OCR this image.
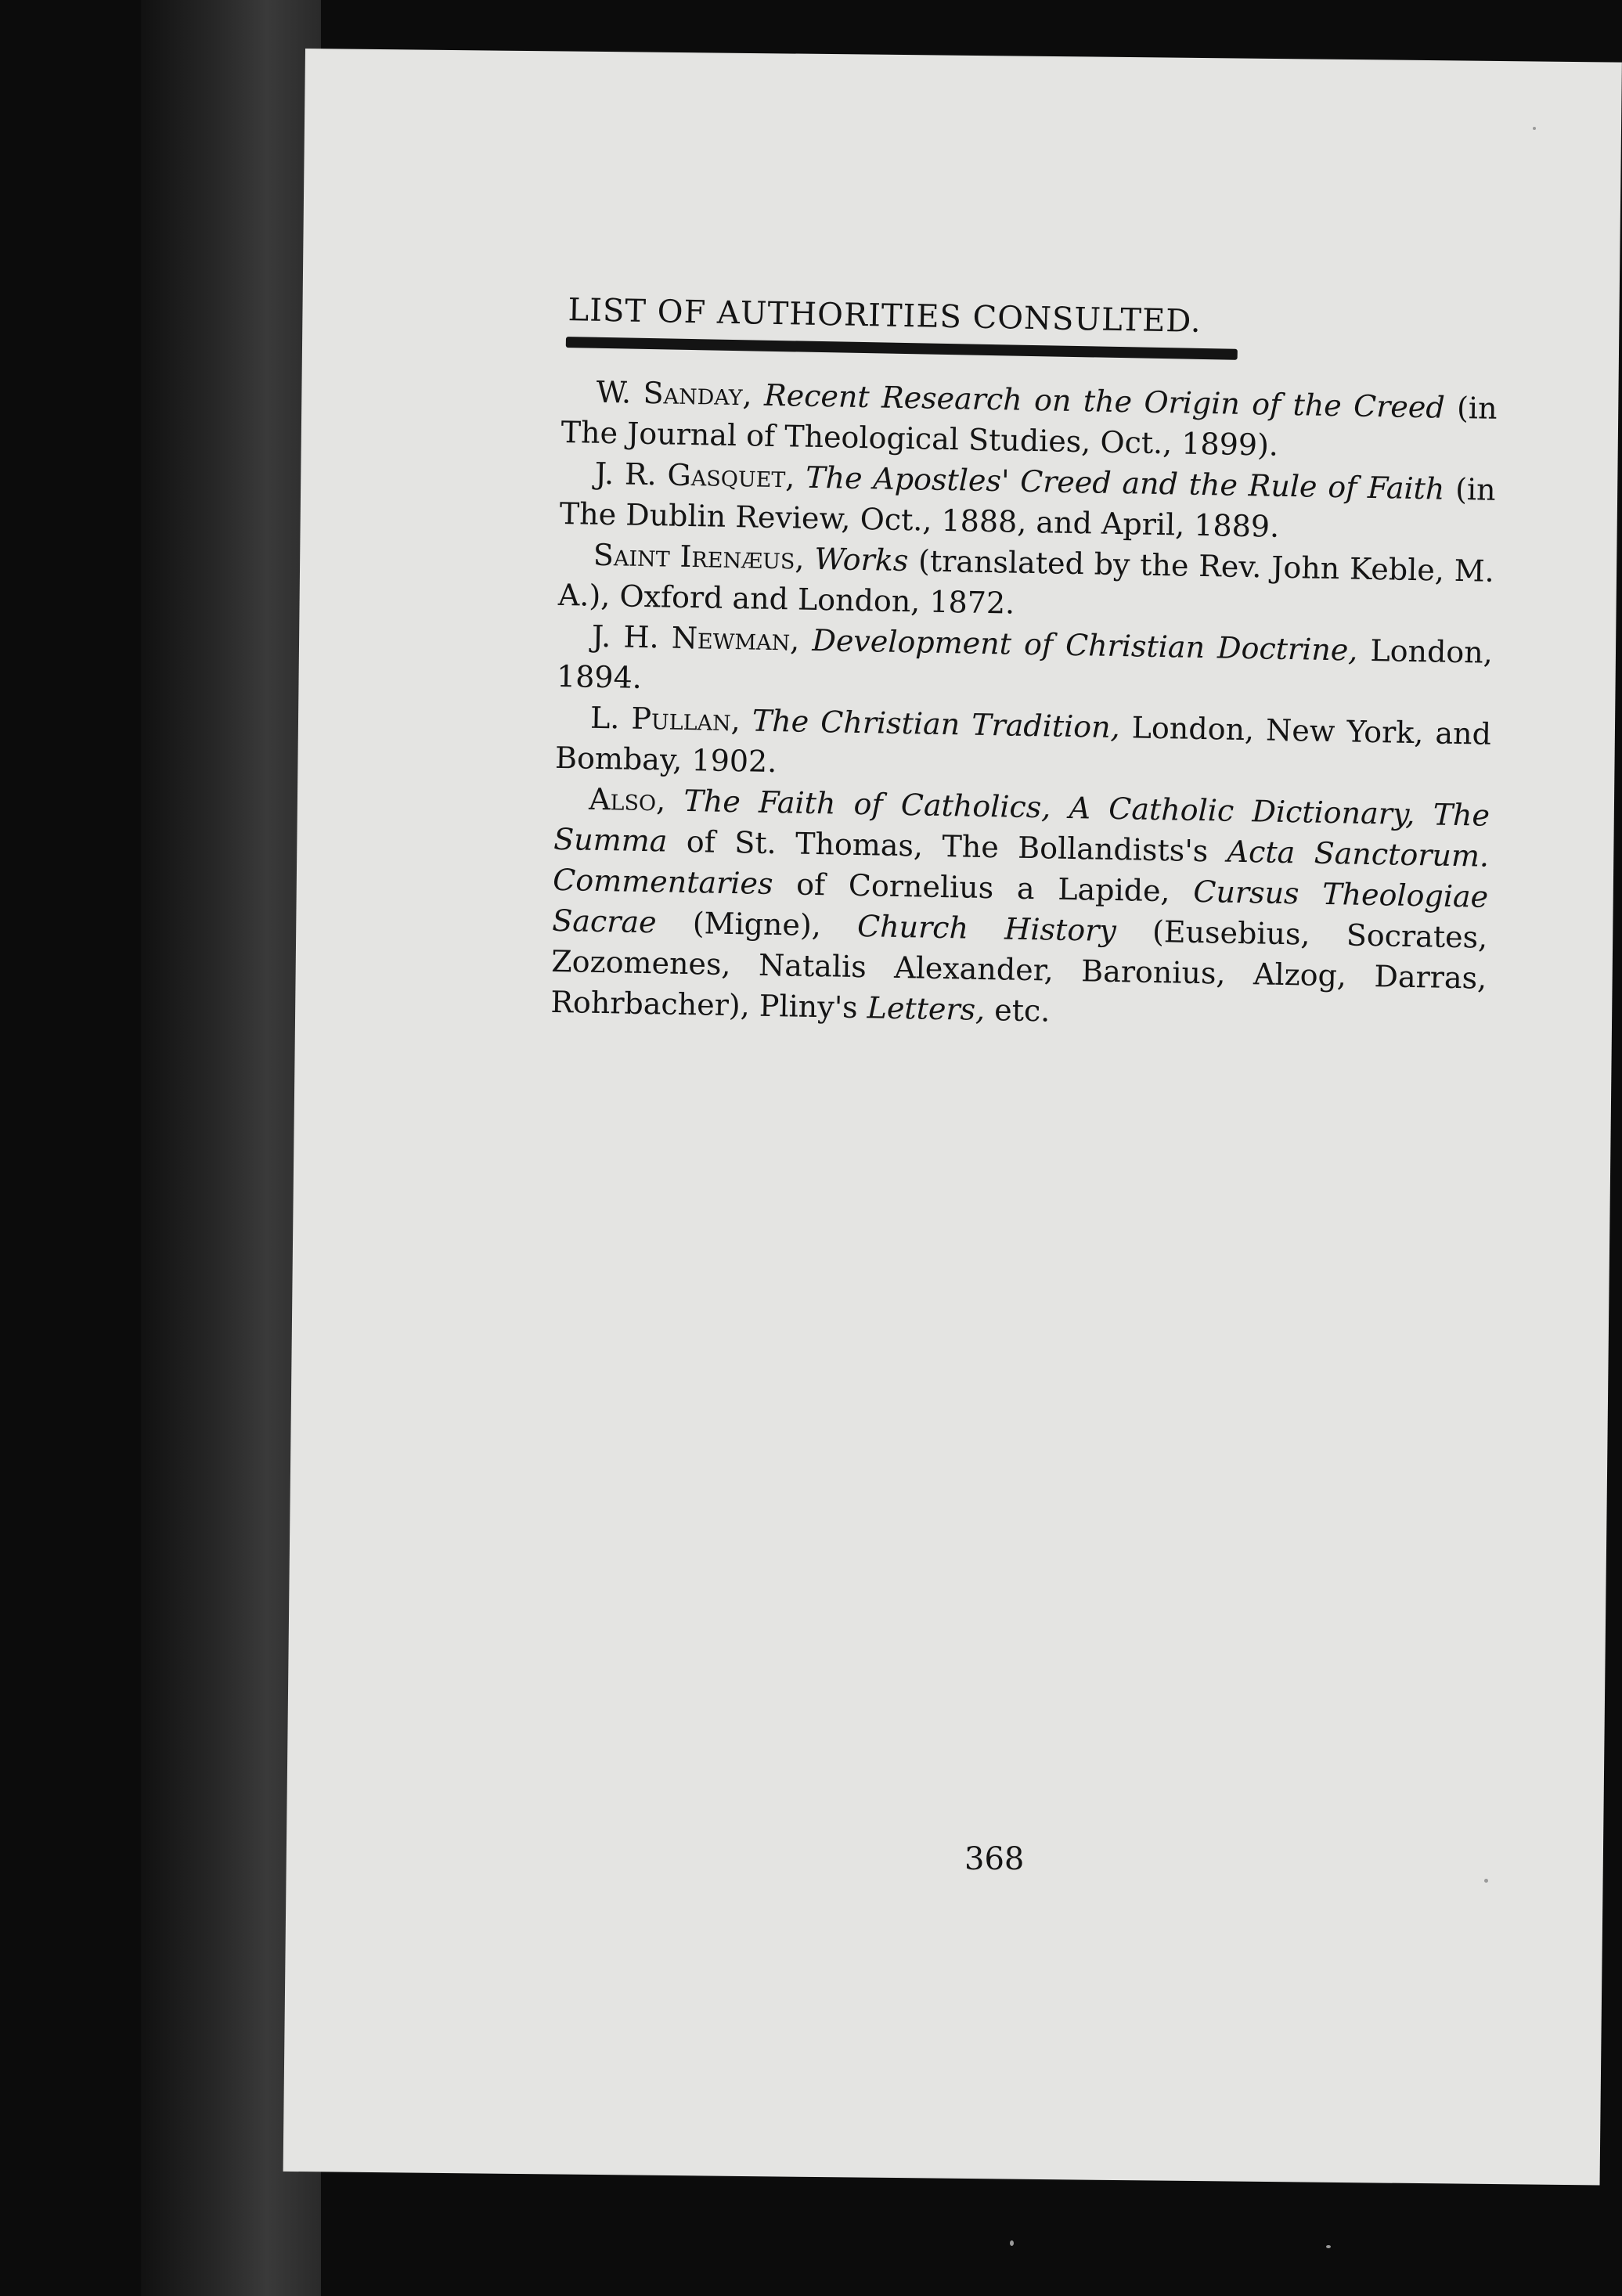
LIST OF AUTHORITIES CONSULTED.

W. Sanday, Recent Research on the Origin of the Creed (in The Journal of Theological Studies, Oct., 1899).

J. R. Gasquet, The Apostles' Creed and the Rule of Faith (in The Dublin Review, Oct., 1888, and April, 1889.

Saint Irenæus, Works (translated by the Rev. John Keble, M. A.), Oxford and London, 1872.

J. H. Newman, Development of Christian Doctrine, London, 1894.

L. Pullan, The Christian Tradition, London, New York, and Bombay, 1902.

Also, The Faith of Catholics, A Catholic Dictionary, The Summa of St. Thomas, The Bollandists's Acta Sanctorum. Commentaries of Cornelius a Lapide, Cursus Theologiae Sacrae (Migne), Church History (Eusebius, Socrates, Zozomenes, Natalis Alexander, Baronius, Alzog, Darras, Rohrbacher), Pliny's Letters, etc.

368
